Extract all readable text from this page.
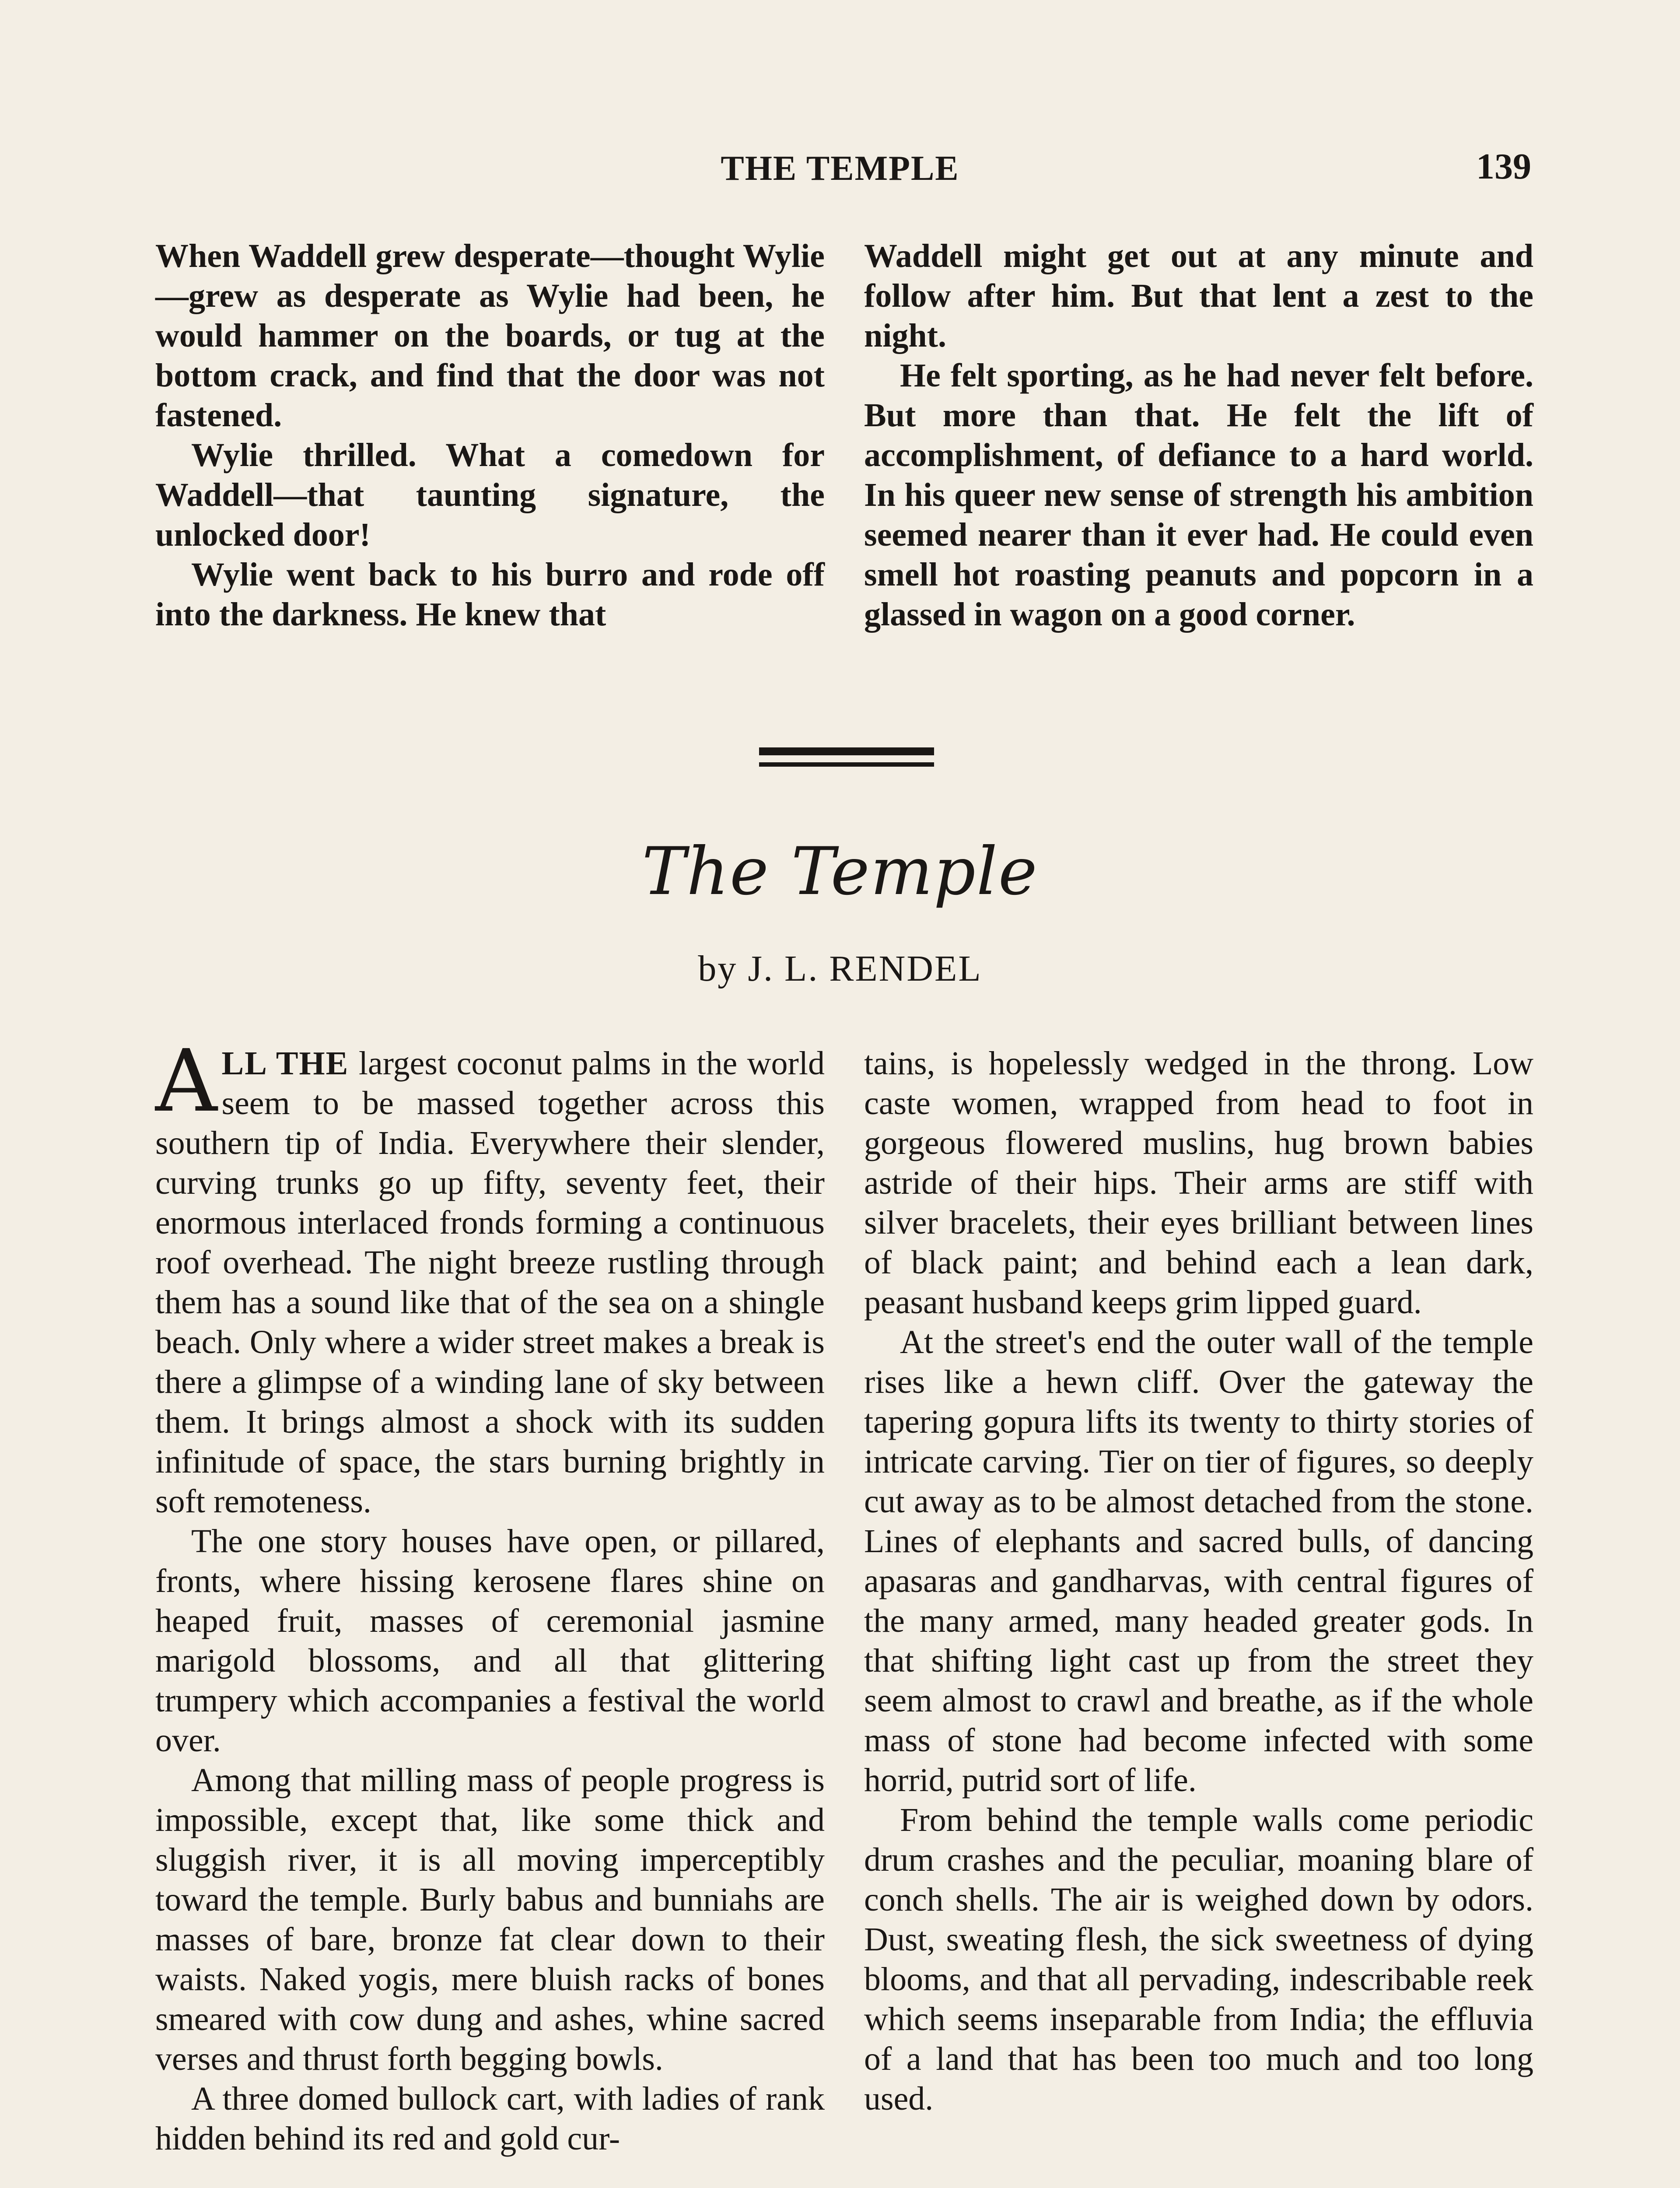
THE TEMPLE	139

When Waddell grew desperate—thought Wylie—grew as desperate as Wylie had been, he would hammer on the boards, or tug at the bottom crack, and find that the door was not fastened.

Wylie thrilled. What a comedown for Waddell—that taunting signature, the unlocked door!

Wylie went back to his burro and rode off into the darkness. He knew that

Waddell might get out at any minute and follow after him. But that lent a zest to the night.

He felt sporting, as he had never felt before. But more than that. He felt the lift of accomplishment, of defiance to a hard world. In his queer new sense of strength his ambition seemed nearer than it ever had. He could even smell hot roasting peanuts and popcorn in a glassed in wagon on a good corner.

The Temple
by J. L. RENDEL

ALL THE largest coconut palms in the world seem to be massed together across this southern tip of India. Everywhere their slender, curving trunks go up fifty, seventy feet, their enormous interlaced fronds forming a continuous roof overhead. The night breeze rustling through them has a sound like that of the sea on a shingle beach. Only where a wider street makes a break is there a glimpse of a winding lane of sky between them. It brings almost a shock with its sudden infinitude of space, the stars burning brightly in soft remoteness.

The one story houses have open, or pillared, fronts, where hissing kerosene flares shine on heaped fruit, masses of ceremonial jasmine marigold blossoms, and all that glittering trumpery which accompanies a festival the world over.

Among that milling mass of people progress is impossible, except that, like some thick and sluggish river, it is all moving imperceptibly toward the temple. Burly babus and bunniahs are masses of bare, bronze fat clear down to their waists. Naked yogis, mere bluish racks of bones smeared with cow dung and ashes, whine sacred verses and thrust forth begging bowls.

A three domed bullock cart, with ladies of rank hidden behind its red and gold cur-

tains, is hopelessly wedged in the throng. Low caste women, wrapped from head to foot in gorgeous flowered muslins, hug brown babies astride of their hips. Their arms are stiff with silver bracelets, their eyes brilliant between lines of black paint; and behind each a lean dark, peasant husband keeps grim lipped guard.

At the street's end the outer wall of the temple rises like a hewn cliff. Over the gateway the tapering gopura lifts its twenty to thirty stories of intricate carving. Tier on tier of figures, so deeply cut away as to be almost detached from the stone. Lines of elephants and sacred bulls, of dancing apasaras and gandharvas, with central figures of the many armed, many headed greater gods. In that shifting light cast up from the street they seem almost to crawl and breathe, as if the whole mass of stone had become infected with some horrid, putrid sort of life.

From behind the temple walls come periodic drum crashes and the peculiar, moaning blare of conch shells. The air is weighed down by odors. Dust, sweating flesh, the sick sweetness of dying blooms, and that all pervading, indescribable reek which seems inseparable from India; the effluvia of a land that has been too much and too long used.
